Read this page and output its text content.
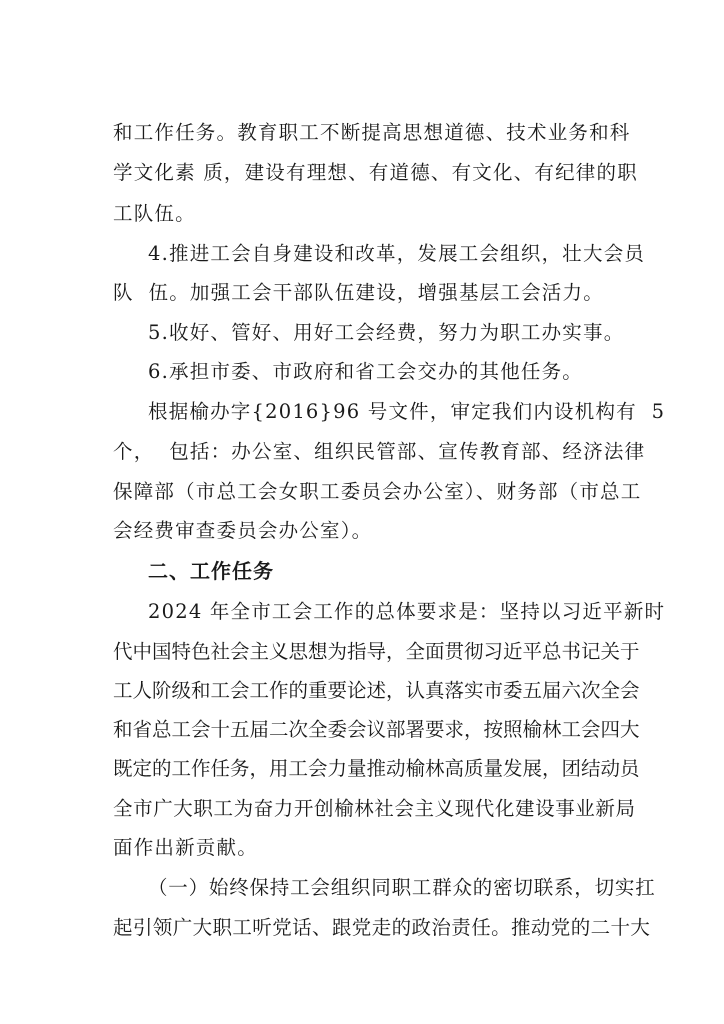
和工作任务。教育职工不断提高思想道德、技术业务和科
学文化素 质，建设有理想、有道德、有文化、有纪律的职
工队伍。
4.推进工会自身建设和改革，发展工会组织，壮大会员
队  伍。加强工会干部队伍建设，增强基层工会活力。
5.收好、管好、用好工会经费，努力为职工办实事。
6.承担市委、市政府和省工会交办的其他任务。
根据榆办字{2016}96 号文件，审定我们内设机构有  5
个，  包括：办公室、组织民管部、宣传教育部、经济法律
保障部（市总工会女职工委员会办公室）、财务部（市总工
会经费审查委员会办公室）。
二、工作任务
2024 年全市工会工作的总体要求是：坚持以习近平新时
代中国特色社会主义思想为指导，全面贯彻习近平总书记关于
工人阶级和工会工作的重要论述，认真落实市委五届六次全会
和省总工会十五届二次全委会议部署要求，按照榆林工会四大
既定的工作任务，用工会力量推动榆林高质量发展，团结动员
全市广大职工为奋力开创榆林社会主义现代化建设事业新局
面作出新贡献。
（一）始终保持工会组织同职工群众的密切联系，切实扛
起引领广大职工听党话、跟党走的政治责任。推动党的二十大
